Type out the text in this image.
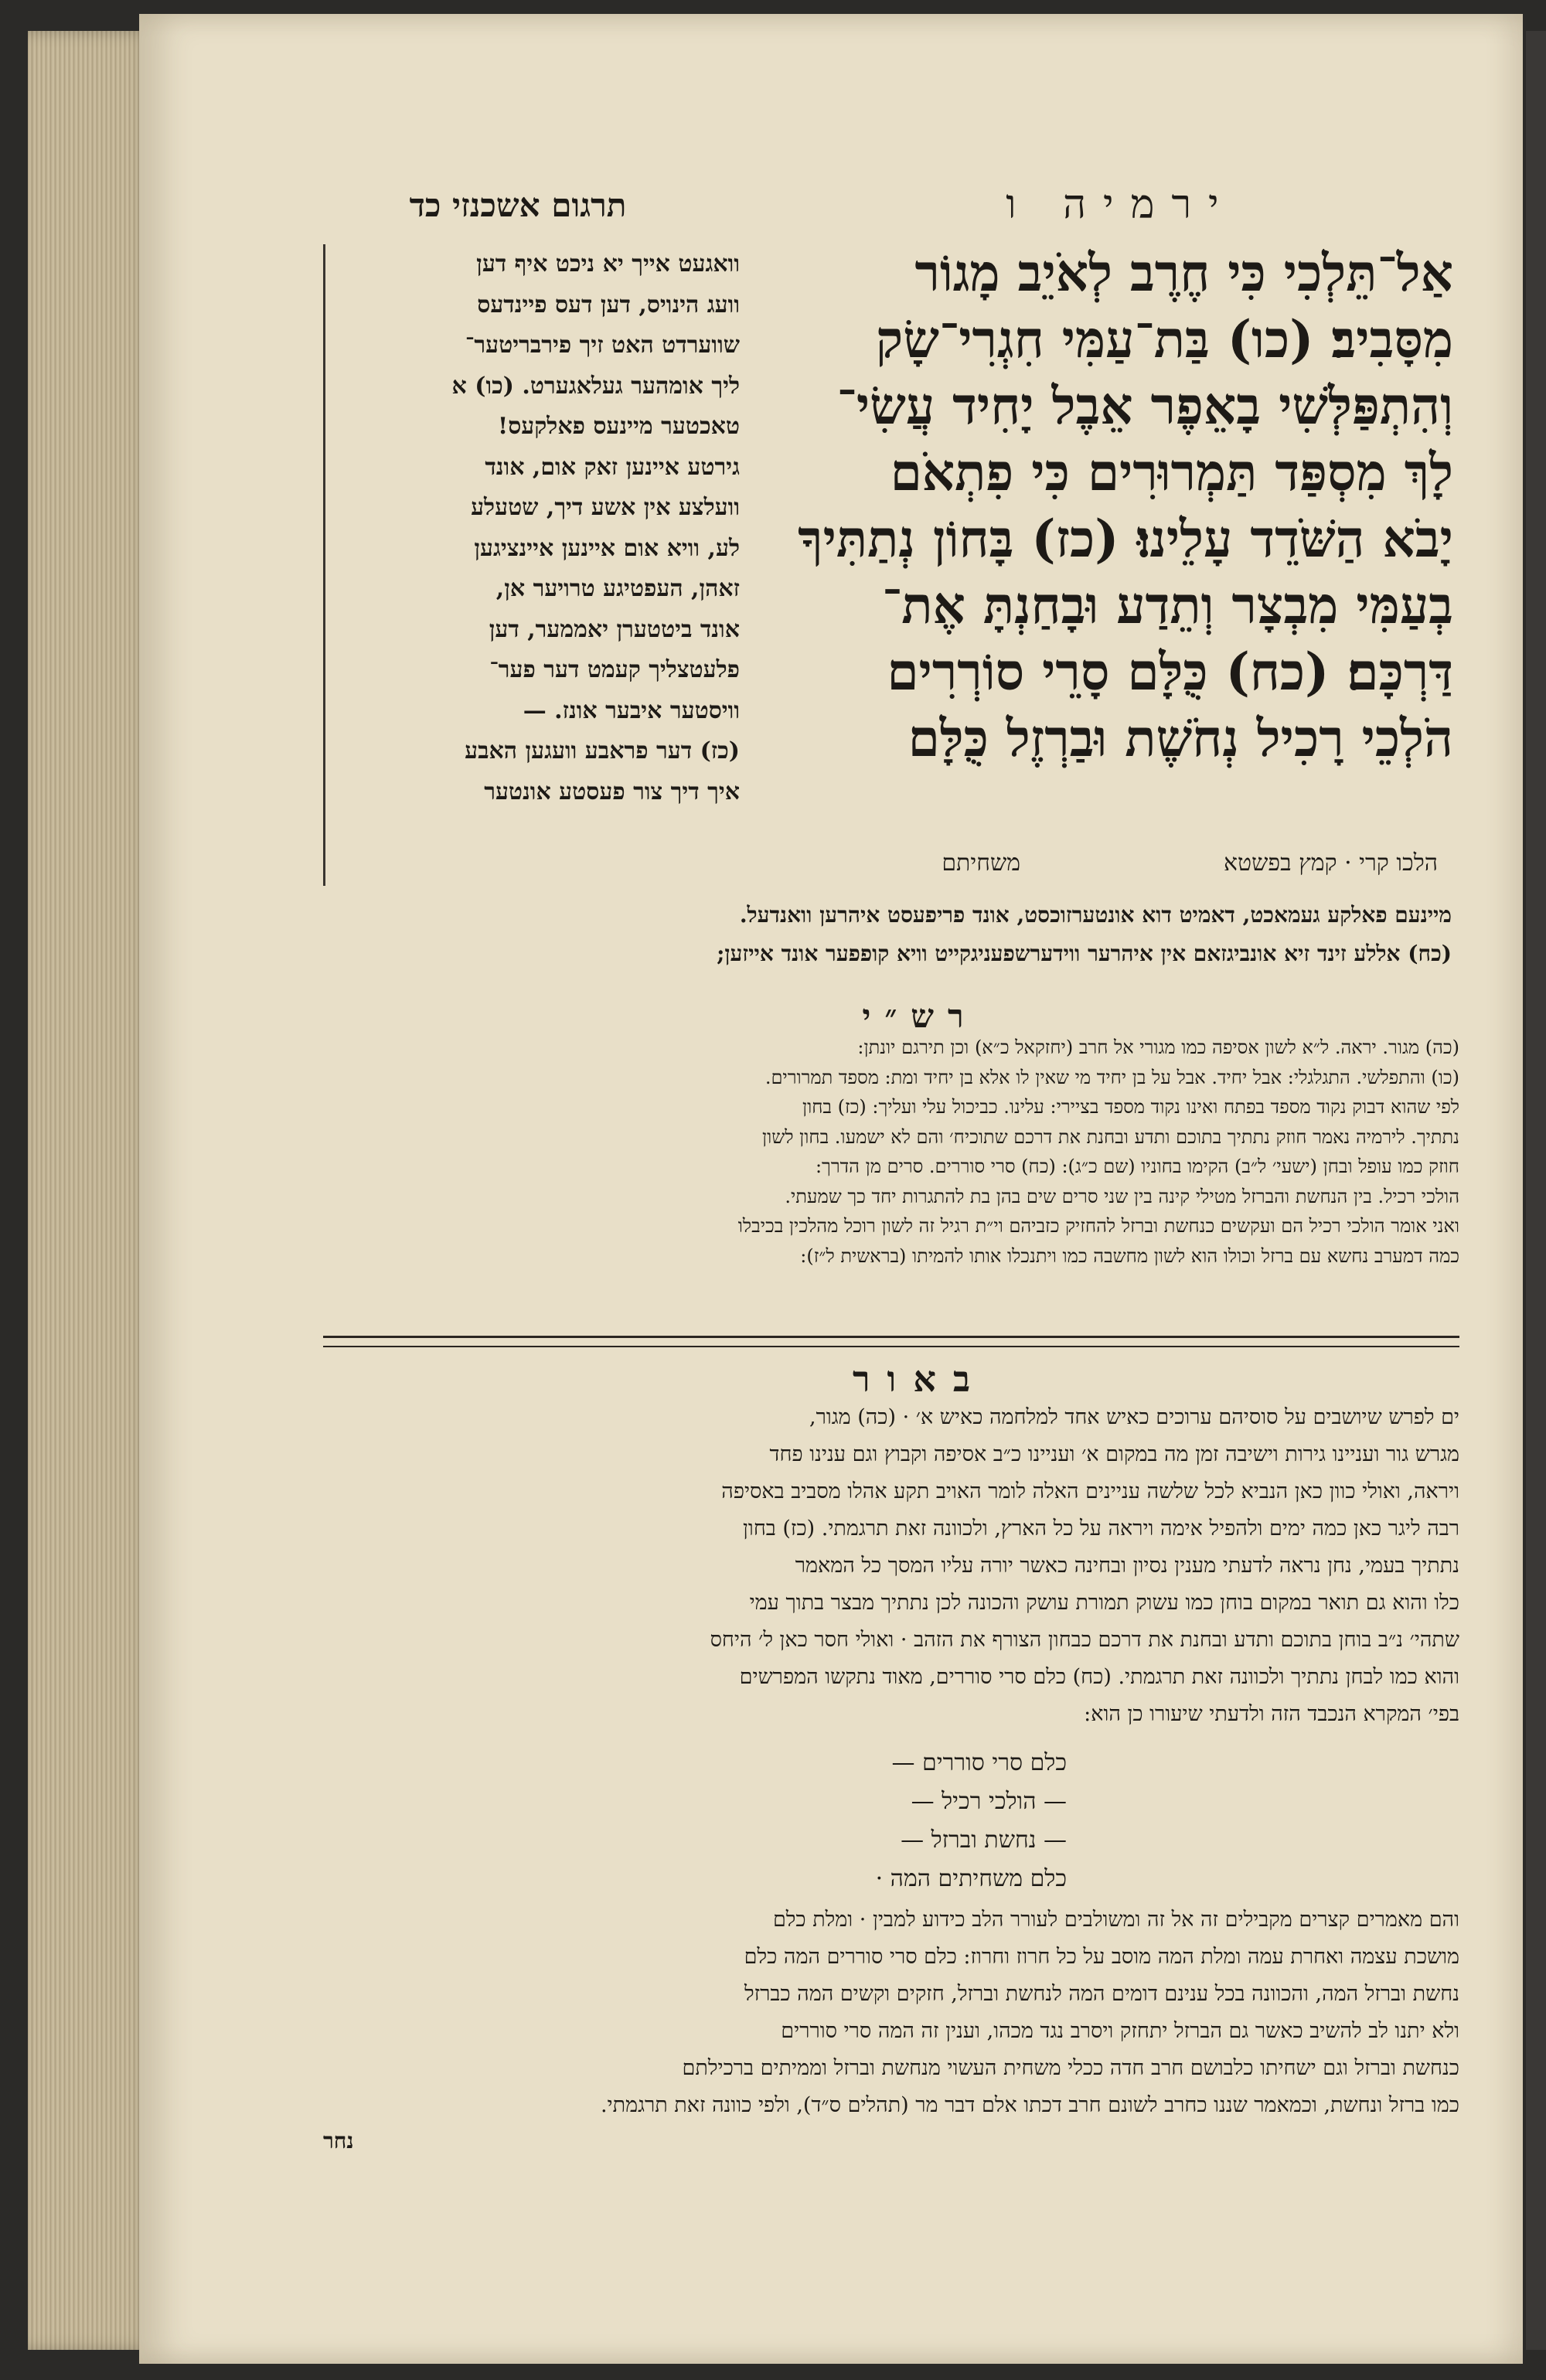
ירמיה ו
תרגום אשכנזי כד
אַל־תֵּלְכִי כִּי חֶרֶב לְאֹיֵב מָגוֹר
מִסָּבִיב׃ (כו) בַּת־עַמִּי חִגְרִי־שָׂק
וְהִתְפַּלְּשִׁי בָאֵפֶר אֵבֶל יָחִיד עֲשִׂי־
לָךְ מִסְפַּד תַּמְרוּרִים כִּי פִתְאֹם
יָבֹא הַשֹּׁדֵד עָלֵינוּ׃ (כז) בָּחוֹן נְתַתִּיךָ
בְעַמִּי מִבְצָר וְתֵדַע וּבָחַנְתָּ אֶת־
דַּרְכָּם׃ (כח) כֻּלָּם סָרֵי סוֹרְרִים
הֹלְכֵי רָכִיל נְחֹשֶׁת וּבַרְזֶל כֻּלָּם
הלכו קרי · קמץ בפשטא
משחיתם
וואגעט אייך יא ניכט איף דען
וועג הינויס, דען דעס פיינדעס
שווערדט האט זיך פירבריטער־
ליך אומהער געלאגערט. (כו) א
טאכטער מיינעס פאלקעס!
גירטע איינען זאק אום, אונד
וועלצע אין אשע דיך, שטעלע
לע, וויא אום איינען איינציגען
זאהן, העפטיגע טרויער אן,
אונד ביטטערן יאממער, דען
פלעטצליך קעמט דער פער־
וויסטער איבער אונז. —
(כז) דער פראבע וועגען האבע
איך דיך צור פעסטע אונטער
מיינעם פאלקע געמאכט, דאמיט דוא אונטערזוכסט, אונד פריפעסט איהרען וואנדעל.
(כח) אללע זינד זיא אונביגזאם אין איהרער ווידערשפעניגקייט וויא קופפער אונד אייזען;
רש״י
(כה) מגור. יראה. ל״א לשון אסיפה כמו מגורי אל חרב (יחזקאל כ״א) וכן תירגם יונתן:
(כו) והתפלשי. התגלגלי: אבל יחיד. אבל על בן יחיד מי שאין לו אלא בן יחיד ומת: מספד תמרורים.
לפי שהוא דבוק נקוד מספד בפתח ואינו נקוד מספד בציירי: עלינו. כביכול עלי ועליך: (כז) בחון
נתתיך. לירמיה נאמר חוזק נתתיך בתוכם ותדע ובחנת את דרכם שתוכיח׳ והם לא ישמעו. בחון לשון
חוזק כמו עופל ובחן (ישעי׳ ל״ב) הקימו בחוניו (שם כ״ג): (כח) סרי סוררים. סרים מן הדרך:
הולכי רכיל. בין הנחשת והברזל מטילי קינה בין שני סרים שים בהן בת להתגרות יחד כך שמעתי.
ואני אומר הולכי רכיל הם ועקשים כנחשת וברזל להחזיק כזביהם וי״ת רגיל זה לשון רוכל מהלכין בכיבלו
כמה דמערב נחשא עם ברזל וכולו הוא לשון מחשבה כמו ויתנכלו אותו להמיתו (בראשית ל״ז):
באור
ים לפרש שיושבים על סוסיהם ערוכים כאיש אחד למלחמה כאיש א׳ · (כה) מגור,
מגרש גור ועניינו גירות וישיבה זמן מה במקום א׳ ועניינו כ״ב אסיפה וקבוץ וגם ענינו פחד
ויראה, ואולי כוון כאן הנביא לכל שלשה עניינים האלה לומר האויב תקע אהלו מסביב באסיפה
רבה ליגר כאן כמה ימים ולהפיל אימה ויראה על כל הארץ, ולכוונה זאת תרגמתי. (כז) בחון
נתתיך בעמי, נחן נראה לדעתי מענין נסיון ובחינה כאשר יורה עליו המסך כל המאמר
כלו והוא גם תואר במקום בוחן כמו עשוק תמורת עושק והכונה לכן נתתיך מבצר בתוך עמי
שתהי׳ נ״ב בוחן בתוכם ותדע ובחנת את דרכם כבחון הצורף את הזהב · ואולי חסר כאן ל׳ היחס
והוא כמו לבחן נתתיך ולכוונה זאת תרגמתי. (כח) כלם סרי סוררים, מאוד נתקשו המפרשים
בפי׳ המקרא הנכבד הזה ולדעתי שיעורו כן הוא:
כלם סרי סוררים —
— הולכי רכיל —
— נחשת וברזל —
כלם משחיתים המה ·
והם מאמרים קצרים מקבילים זה אל זה ומשולבים לעורר הלב כידוע למבין · ומלת כלם
מושכת עצמה ואחרת עמה ומלת המה מוסב על כל חרוז וחרוז: כלם סרי סוררים המה כלם
נחשת וברזל המה, והכוונה בכל ענינם דומים המה לנחשת וברזל, חזקים וקשים המה כברזל
ולא יתנו לב להשיב כאשר גם הברזל יתחזק ויסרב נגד מכהו, וענין זה המה סרי סוררים
כנחשת וברזל וגם ישחיתו כלבושם חרב חדה ככלי משחית העשוי מנחשת וברזל וממיתים ברכילתם
כמו ברזל ונחשת, וכמאמר שננו כחרב לשונם חרב דכתו אלם דבר מר (תהלים ס״ד), ולפי כוונה זאת תרגמתי.
נחר
